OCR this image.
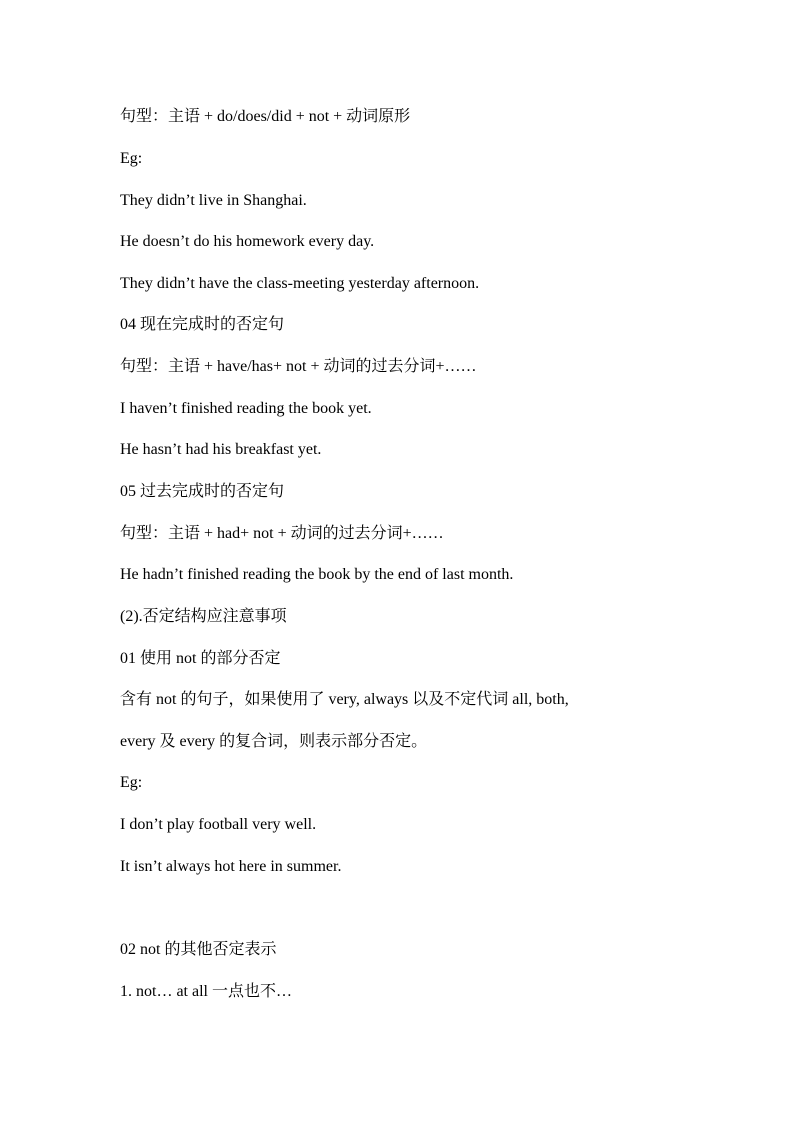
句型：主语 + do/does/did + not + 动词原形
Eg:
They didn’t live in Shanghai.
He doesn’t do his homework every day.
They didn’t have the class-meeting yesterday afternoon.
04 现在完成时的否定句
句型：主语 + have/has+ not + 动词的过去分词+……
I haven’t finished reading the book yet.
He hasn’t had his breakfast yet.
05 过去完成时的否定句
句型：主语 + had+ not + 动词的过去分词+……
He hadn’t finished reading the book by the end of last month.
(2).否定结构应注意事项
01 使用 not 的部分否定
含有 not 的句子，如果使用了 very, always 以及不定代词 all, both,
every 及 every 的复合词，则表示部分否定。
Eg:
I don’t play football very well.
It isn’t always hot here in summer.
02 not 的其他否定表示
1. not… at all 一点也不…
